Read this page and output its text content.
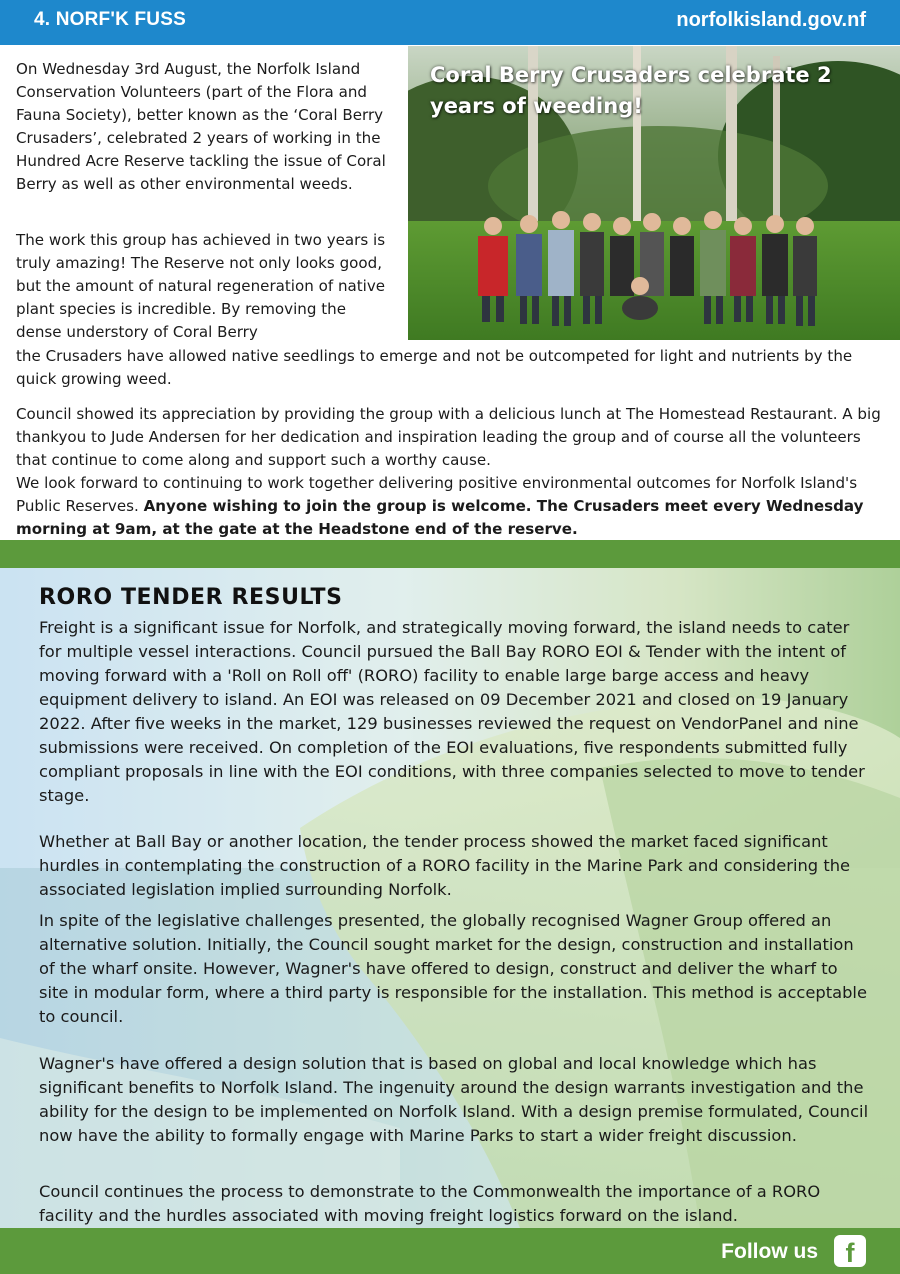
4. NORF'K FUSS	norfolkisland.gov.nf
Coral Berry Crusaders celebrate 2 years of weeding!

On Wednesday 3rd August, the Norfolk Island Conservation Volunteers (part of the Flora and Fauna Society), better known as the ‘Coral Berry Crusaders’, celebrated 2 years of working in the Hundred Acre Reserve tackling the issue of Coral Berry as well as other environmental weeds.

The work this group has achieved in two years is truly amazing! The Reserve not only looks good, but the amount of natural regeneration of native plant species is incredible. By removing the dense understory of Coral Berry

the Crusaders have allowed native seedlings to emerge and not be outcompeted for light and nutrients by the quick growing weed.

Council showed its appreciation by providing the group with a delicious lunch at The Homestead Restaurant. A big thankyou to Jude Andersen for her dedication and inspiration leading the group and of course all the volunteers that continue to come along and support such a worthy cause.
We look forward to continuing to work together delivering positive environmental outcomes for Norfolk Island's Public Reserves. Anyone wishing to join the group is welcome. The Crusaders meet every Wednesday morning at 9am, at the gate at the Headstone end of the reserve.

RORO TENDER RESULTS

Freight is a significant issue for Norfolk, and strategically moving forward, the island needs to cater for multiple vessel interactions. Council pursued the Ball Bay RORO EOI & Tender with the intent of moving forward with a 'Roll on Roll off' (RORO) facility to enable large barge access and heavy equipment delivery to island. An EOI was released on 09 December 2021 and closed on 19 January 2022. After five weeks in the market, 129 businesses reviewed the request on VendorPanel and nine submissions were received. On completion of the EOI evaluations, five respondents submitted fully compliant proposals in line with the EOI conditions, with three companies selected to move to tender stage.

Whether at Ball Bay or another location, the tender process showed the market faced significant hurdles in contemplating the construction of a RORO facility in the Marine Park and considering the associated legislation implied surrounding Norfolk.

In spite of the legislative challenges presented, the globally recognised Wagner Group offered an alternative solution. Initially, the Council sought market for the design, construction and installation of the wharf onsite. However, Wagner's have offered to design, construct and deliver the wharf to site in modular form, where a third party is responsible for the installation. This method is acceptable to council.

Wagner's have offered a design solution that is based on global and local knowledge which has significant benefits to Norfolk Island. The ingenuity around the design warrants investigation and the ability for the design to be implemented on Norfolk Island. With a design premise formulated, Council now have the ability to formally engage with Marine Parks to start a wider freight discussion.

Council continues the process to demonstrate to the Commonwealth the importance of a RORO facility and the hurdles associated with moving freight logistics forward on the island.

Follow us	f
